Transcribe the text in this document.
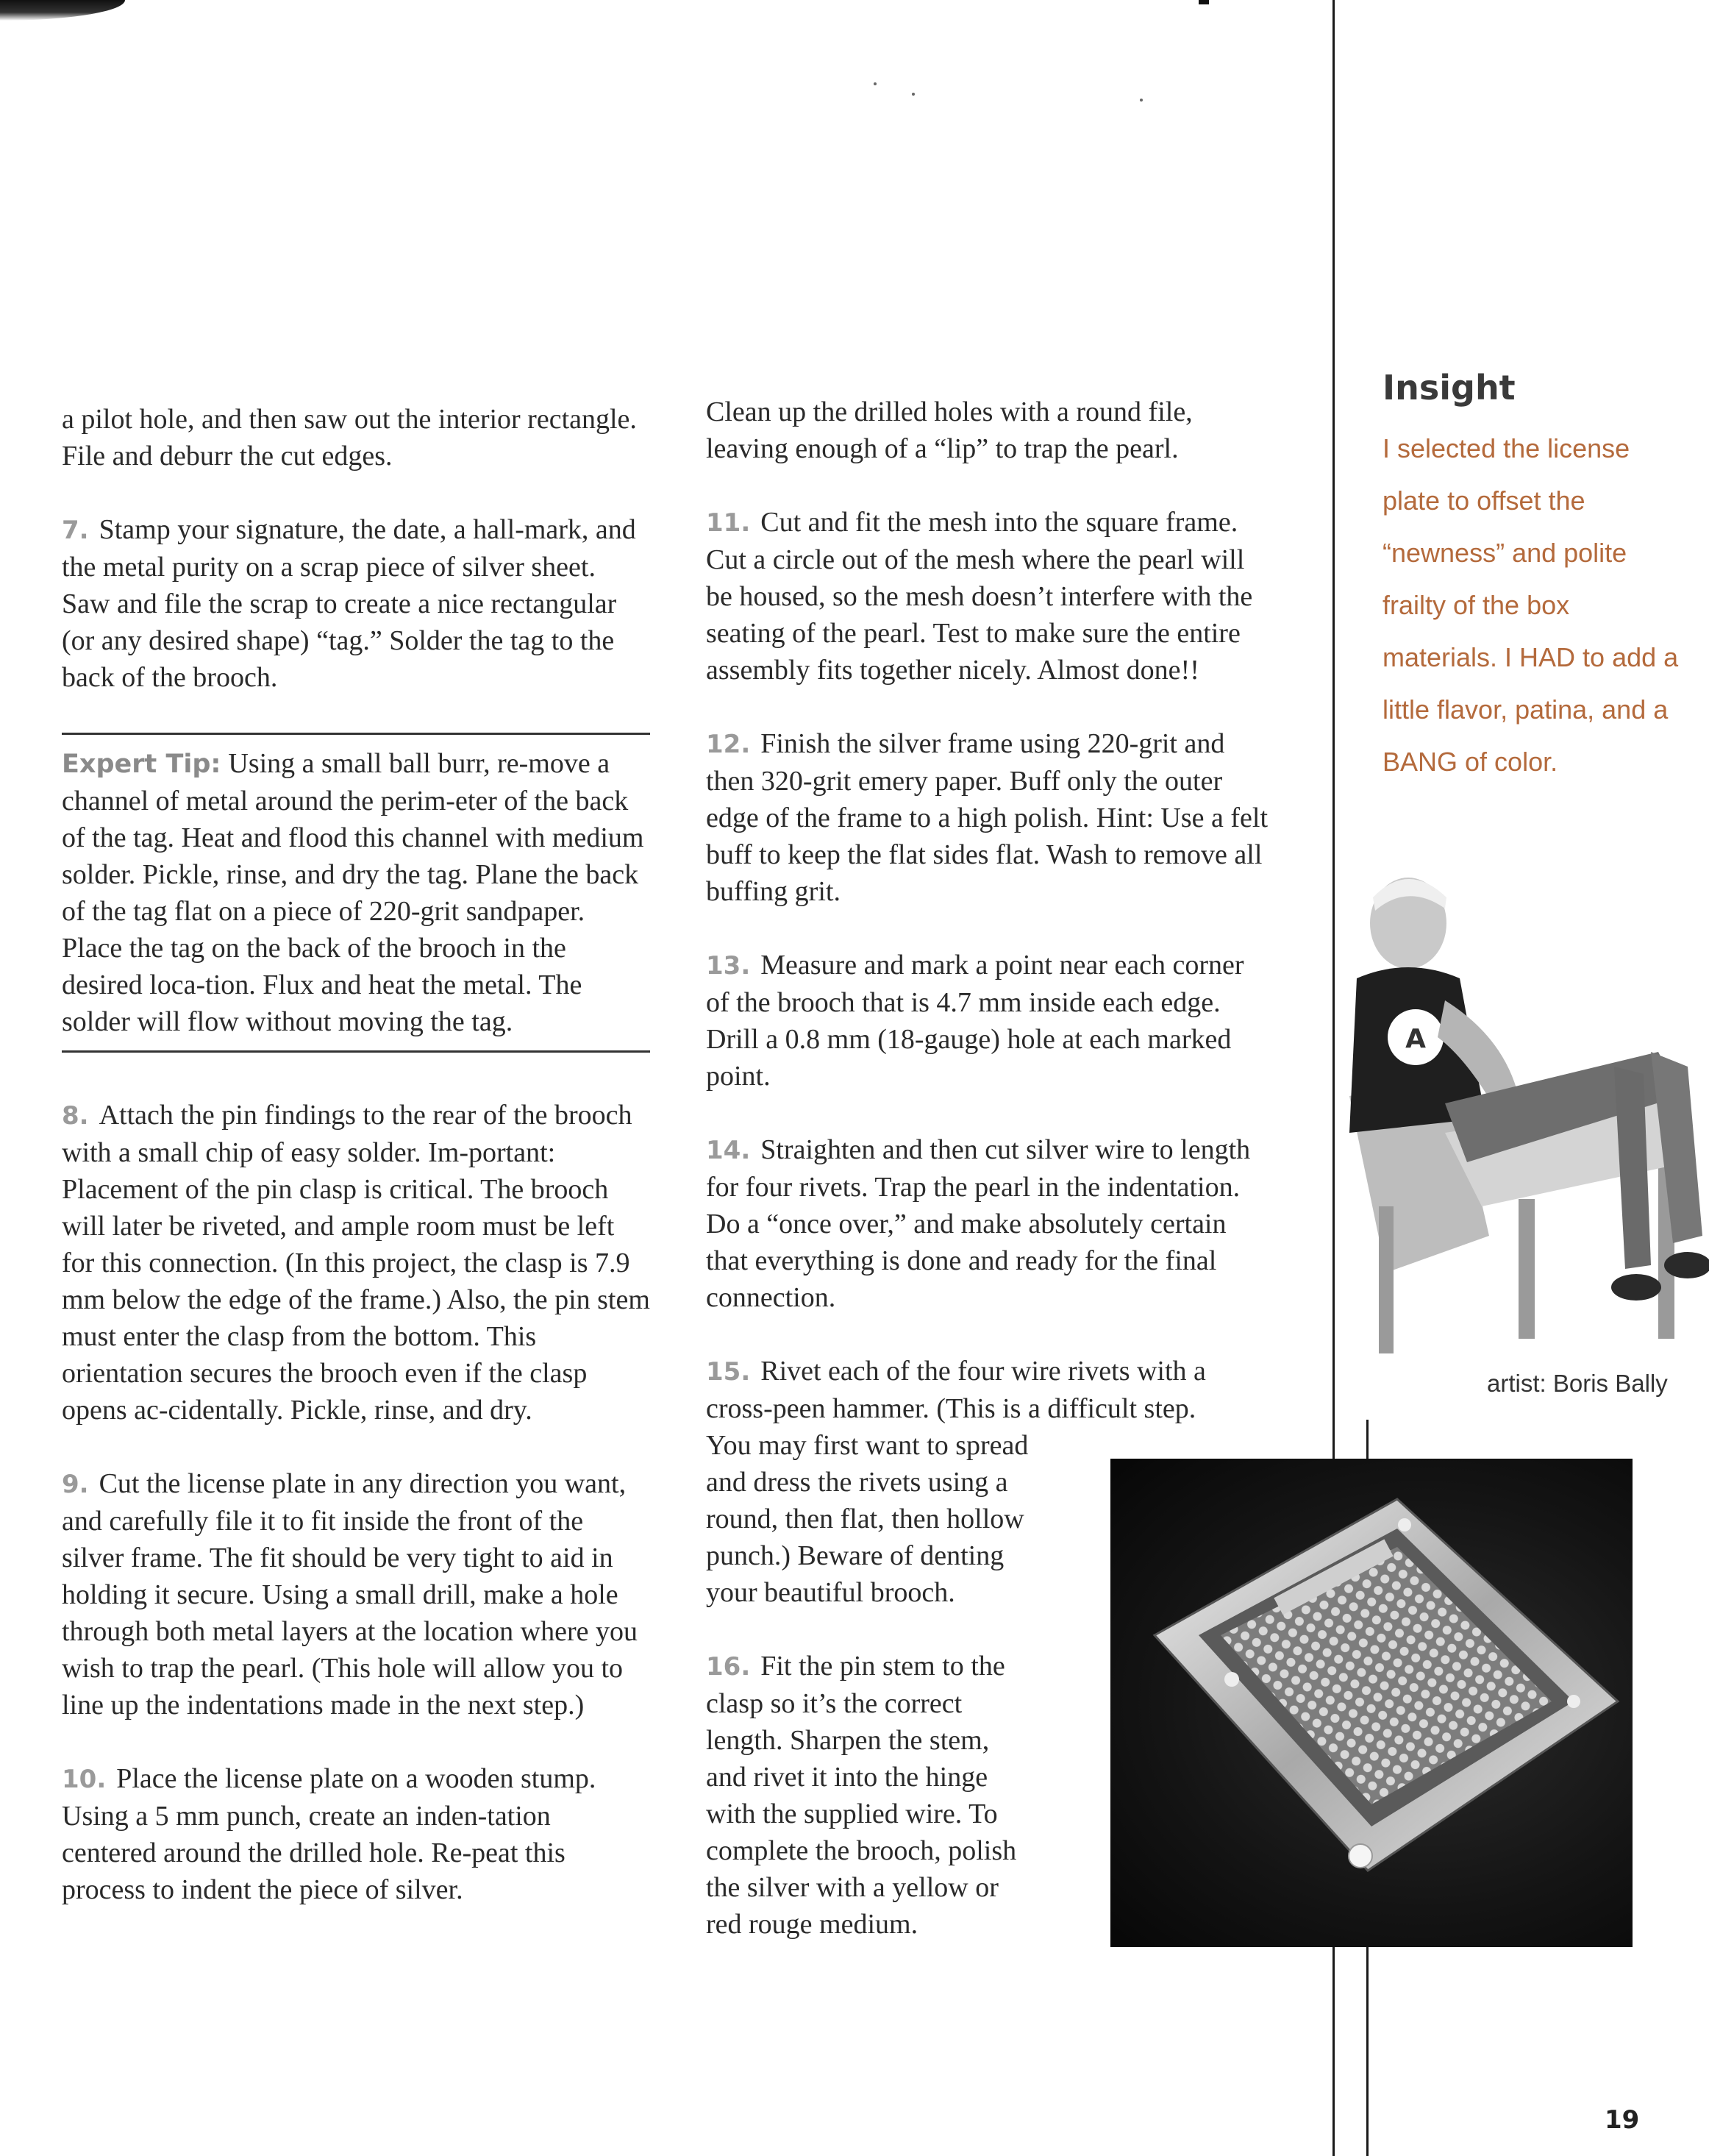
a pilot hole, and then saw out the interior rectangle. File and deburr the cut edges.

7. Stamp your signature, the date, a hall-mark, and the metal purity on a scrap piece of silver sheet. Saw and file the scrap to create a nice rectangular (or any desired shape) “tag.” Solder the tag to the back of the brooch.

Expert Tip: Using a small ball burr, re-move a channel of metal around the perim-eter of the back of the tag. Heat and flood this channel with medium solder. Pickle, rinse, and dry the tag. Plane the back of the tag flat on a piece of 220-grit sandpaper. Place the tag on the back of the brooch in the desired loca-tion. Flux and heat the metal. The solder will flow without moving the tag.

8. Attach the pin findings to the rear of the brooch with a small chip of easy solder. Im-portant: Placement of the pin clasp is critical. The brooch will later be riveted, and ample room must be left for this connection. (In this project, the clasp is 7.9 mm below the edge of the frame.) Also, the pin stem must enter the clasp from the bottom. This orientation secures the brooch even if the clasp opens ac-cidentally. Pickle, rinse, and dry.

9. Cut the license plate in any direction you want, and carefully file it to fit inside the front of the silver frame. The fit should be very tight to aid in holding it secure. Using a small drill, make a hole through both metal layers at the location where you wish to trap the pearl. (This hole will allow you to line up the indentations made in the next step.)

10. Place the license plate on a wooden stump. Using a 5 mm punch, create an inden-tation centered around the drilled hole. Re-peat this process to indent the piece of silver.

Clean up the drilled holes with a round file, leaving enough of a “lip” to trap the pearl.

11. Cut and fit the mesh into the square frame. Cut a circle out of the mesh where the pearl will be housed, so the mesh doesn’t interfere with the seating of the pearl. Test to make sure the entire assembly fits together nicely. Almost done!!

12. Finish the silver frame using 220-grit and then 320-grit emery paper. Buff only the outer edge of the frame to a high polish. Hint: Use a felt buff to keep the flat sides flat. Wash to remove all buffing grit.

13. Measure and mark a point near each corner of the brooch that is 4.7 mm inside each edge. Drill a 0.8 mm (18-gauge) hole at each marked point.

14. Straighten and then cut silver wire to length for four rivets. Trap the pearl in the indentation. Do a “once over,” and make absolutely certain that everything is done and ready for the final connection.

15. Rivet each of the four wire rivets with a cross-peen hammer. (This is a difficult step.

You may first want to spread and dress the rivets using a round, then flat, then hollow punch.) Beware of denting your beautiful brooch.

16. Fit the pin stem to the clasp so it’s the correct length. Sharpen the stem, and rivet it into the hinge with the supplied wire. To complete the brooch, polish the silver with a yellow or red rouge medium.

Insight

I selected the license plate to offset the “newness” and polite frailty of the box materials. I HAD to add a little flavor, patina, and a BANG of color.

A

artist: Boris Bally

19
